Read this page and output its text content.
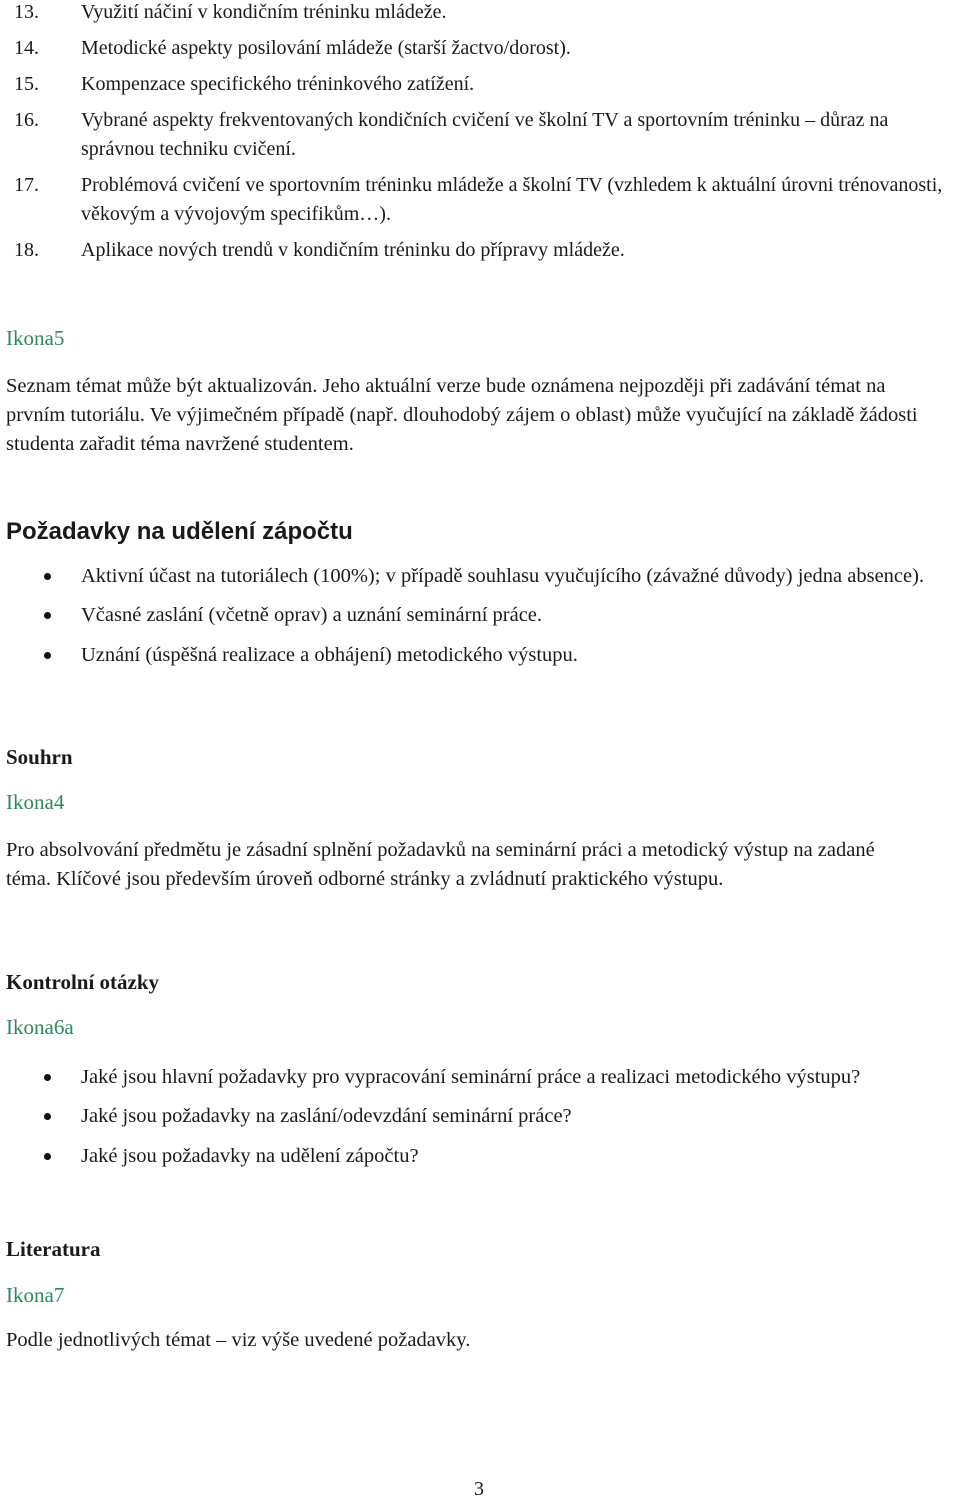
13. Využití náčiní v kondičním tréninku mládeže.
14. Metodické aspekty posilování mládeže (starší žactvo/dorost).
15. Kompenzace specifického tréninkového zatížení.
16. Vybrané aspekty frekventovaných kondičních cvičení ve školní TV a sportovním tréninku – důraz na správnou techniku cvičení.
17. Problémová cvičení ve sportovním tréninku mládeže a školní TV (vzhledem k aktuální úrovni trénovanosti, věkovým a vývojovým specifikům…).
18. Aplikace nových trendů v kondičním tréninku do přípravy mládeže.
Ikona5
Seznam témat může být aktualizován. Jeho aktuální verze bude oznámena nejpozději při zadávání témat na prvním tutoriálu. Ve výjimečném případě (např. dlouhodobý zájem o oblast) může vyučující na základě žádosti studenta zařadit téma navržené studentem.
Požadavky na udělení zápočtu
Aktivní účast na tutoriálech (100%); v případě souhlasu vyučujícího (závažné důvody) jedna absence).
Včasné zaslání (včetně oprav) a uznání seminární práce.
Uznání (úspěšná realizace a obhájení) metodického výstupu.
Souhrn
Ikona4
Pro absolvování předmětu je zásadní splnění požadavků na seminární práci a metodický výstup na zadané téma. Klíčové jsou především úroveň odborné stránky a zvládnutí praktického výstupu.
Kontrolní otázky
Ikona6a
Jaké jsou hlavní požadavky pro vypracování seminární práce a realizaci metodického výstupu?
Jaké jsou požadavky na zaslání/odevzdání seminární práce?
Jaké jsou požadavky na udělení zápočtu?
Literatura
Ikona7
Podle jednotlivých témat – viz výše uvedené požadavky.
3
